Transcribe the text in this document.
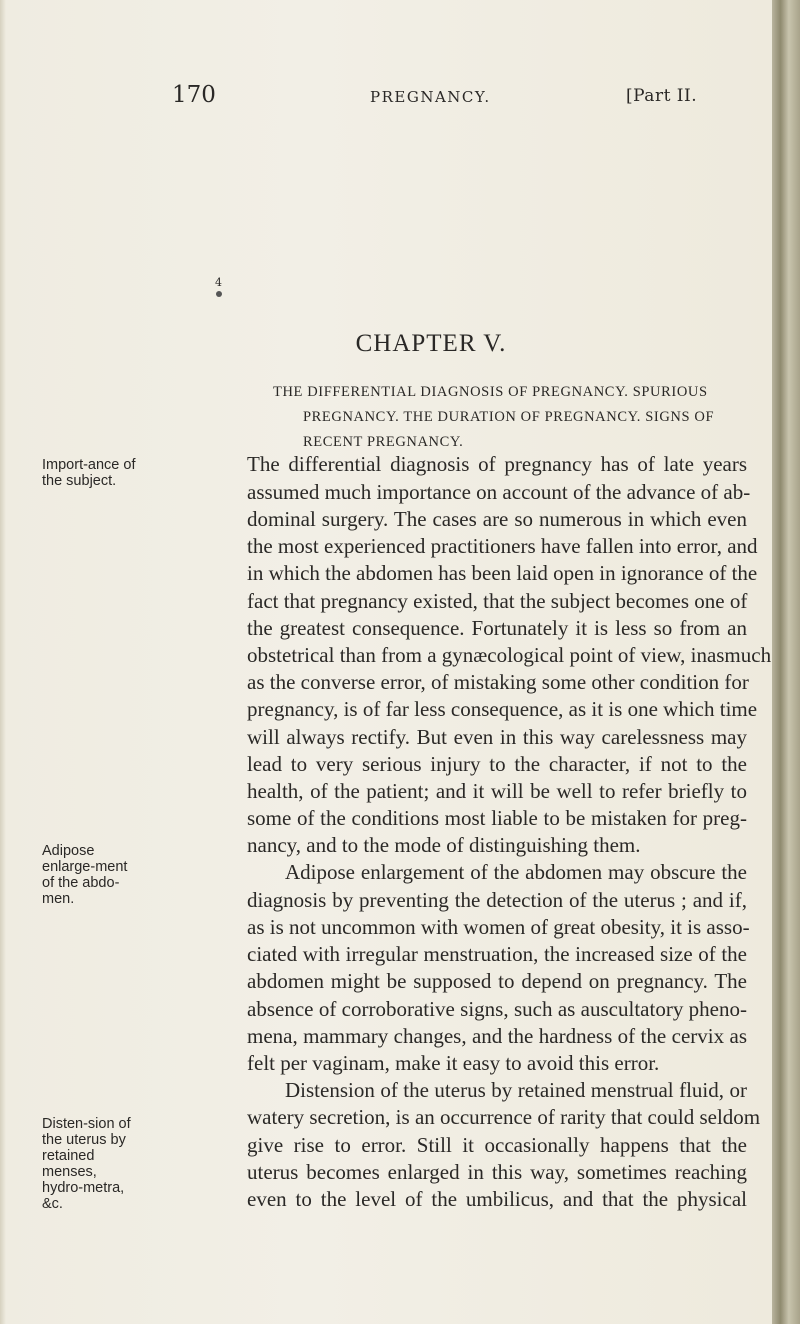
170	PREGNANCY.	[Part II.
4
CHAPTER V.
THE DIFFERENTIAL DIAGNOSIS OF PREGNANCY. SPURIOUS PREGNANCY. THE DURATION OF PREGNANCY. SIGNS OF RECENT PREGNANCY.
Import-ance of the subject.
Adipose enlarge-ment of the abdo-men.
Disten-sion of the uterus by retained menses, hydro-metra, &c.
The differential diagnosis of pregnancy has of late years
assumed much importance on account of the advance of ab-
dominal surgery. The cases are so numerous in which even
the most experienced practitioners have fallen into error, and
in which the abdomen has been laid open in ignorance of the
fact that pregnancy existed, that the subject becomes one of
the greatest consequence. Fortunately it is less so from an
obstetrical than from a gynæcological point of view, inasmuch
as the converse error, of mistaking some other condition for
pregnancy, is of far less consequence, as it is one which time
will always rectify. But even in this way carelessness may
lead to very serious injury to the character, if not to the
health, of the patient; and it will be well to refer briefly to
some of the conditions most liable to be mistaken for preg-
nancy, and to the mode of distinguishing them.
Adipose enlargement of the abdomen may obscure the
diagnosis by preventing the detection of the uterus ; and if,
as is not uncommon with women of great obesity, it is asso-
ciated with irregular menstruation, the increased size of the
abdomen might be supposed to depend on pregnancy. The
absence of corroborative signs, such as auscultatory pheno-
mena, mammary changes, and the hardness of the cervix as
felt per vaginam, make it easy to avoid this error.
Distension of the uterus by retained menstrual fluid, or
watery secretion, is an occurrence of rarity that could seldom
give rise to error. Still it occasionally happens that the
uterus becomes enlarged in this way, sometimes reaching
even to the level of the umbilicus, and that the physical
